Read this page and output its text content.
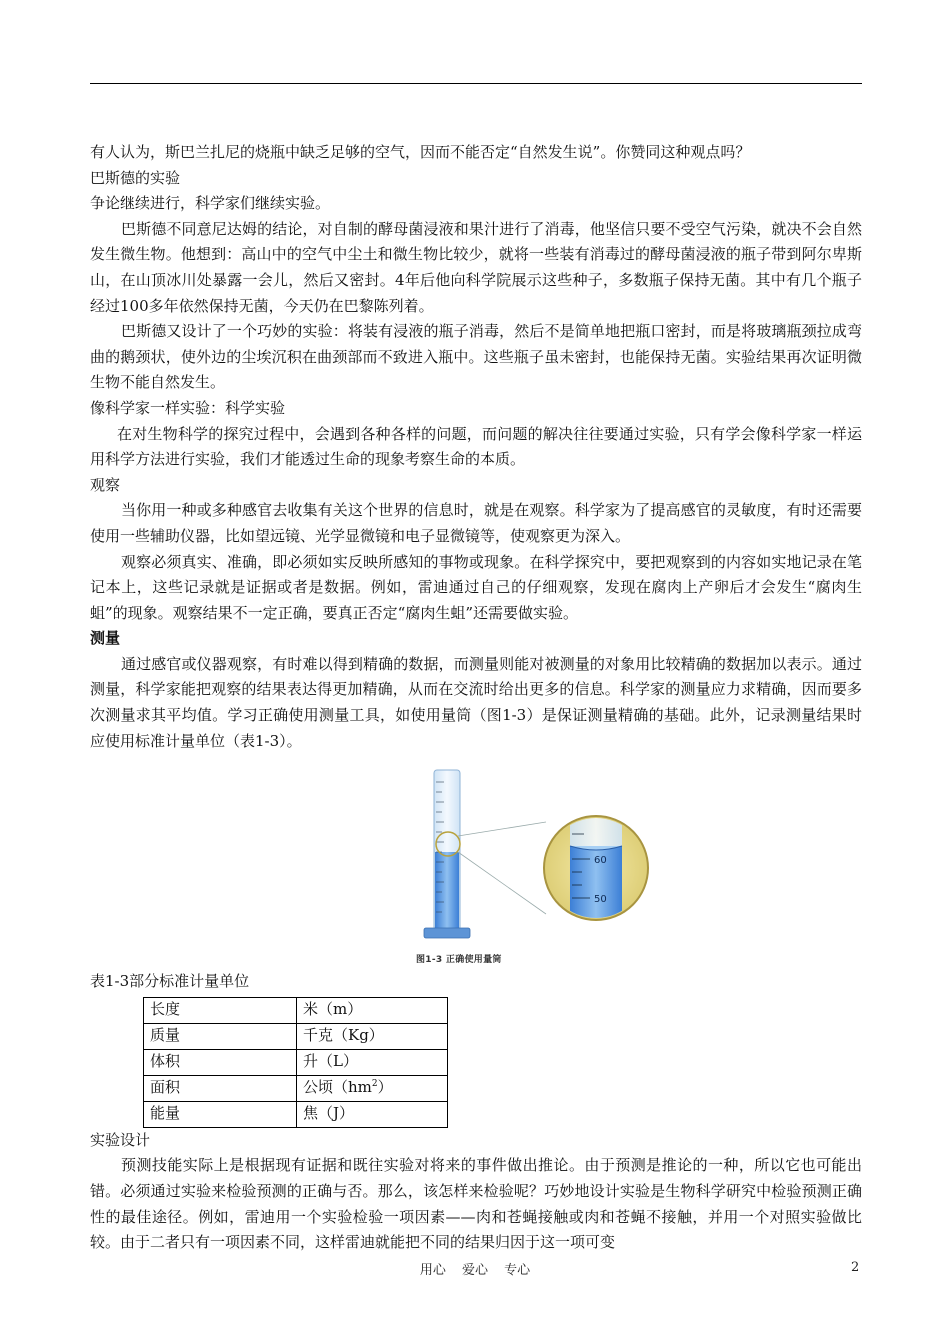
有人认为，斯巴兰扎尼的烧瓶中缺乏足够的空气，因而不能否定“自然发生说”。你赞同这种观点吗？

巴斯德的实验

争论继续进行，科学家们继续实验。

巴斯德不同意尼达姆的结论，对自制的酵母菌浸液和果汁进行了消毒，他坚信只要不受空气污染，就决不会自然发生微生物。他想到：高山中的空气中尘土和微生物比较少，就将一些装有消毒过的酵母菌浸液的瓶子带到阿尔卑斯山，在山顶冰川处暴露一会儿，然后又密封。4年后他向科学院展示这些种子，多数瓶子保持无菌。其中有几个瓶子经过100多年依然保持无菌，今天仍在巴黎陈列着。

巴斯德又设计了一个巧妙的实验：将装有浸液的瓶子消毒，然后不是简单地把瓶口密封，而是将玻璃瓶颈拉成弯曲的鹅颈状，使外边的尘埃沉积在曲颈部而不致进入瓶中。这些瓶子虽未密封，也能保持无菌。实验结果再次证明微生物不能自然发生。

像科学家一样实验：科学实验

在对生物科学的探究过程中，会遇到各种各样的问题，而问题的解决往往要通过实验，只有学会像科学家一样运用科学方法进行实验，我们才能透过生命的现象考察生命的本质。

观察

当你用一种或多种感官去收集有关这个世界的信息时，就是在观察。科学家为了提高感官的灵敏度，有时还需要使用一些辅助仪器，比如望远镜、光学显微镜和电子显微镜等，使观察更为深入。

观察必须真实、准确，即必须如实反映所感知的事物或现象。在科学探究中，要把观察到的内容如实地记录在笔记本上，这些记录就是证据或者是数据。例如，雷迪通过自己的仔细观察，发现在腐肉上产卵后才会发生“腐肉生蛆”的现象。观察结果不一定正确，要真正否定“腐肉生蛆”还需要做实验。

测量

通过感官或仪器观察，有时难以得到精确的数据，而测量则能对被测量的对象用比较精确的数据加以表示。通过测量，科学家能把观察的结果表达得更加精确，从而在交流时给出更多的信息。科学家的测量应力求精确，因而要多次测量求其平均值。学习正确使用测量工具，如使用量筒（图1-3）是保证测量精确的基础。此外，记录测量结果时应使用标准计量单位（表1-3）。

60
50
图1-3 正确使用量筒

表1-3部分标准计量单位

长度	米（m）
质量	千克（Kg）
体积	升（L）
面积	公顷$(hm^2)$
能量	焦（J）

实验设计

预测技能实际上是根据现有证据和既往实验对将来的事件做出推论。由于预测是推论的一种，所以它也可能出错。必须通过实验来检验预测的正确与否。那么，该怎样来检验呢？巧妙地设计实验是生物科学研究中检验预测正确性的最佳途径。例如，雷迪用一个实验检验一项因素——肉和苍蝇接触或肉和苍蝇不接触，并用一个对照实验做比较。由于二者只有一项因素不同，这样雷迪就能把不同的结果归因于这一项可变

用心 爱心 专心	2
